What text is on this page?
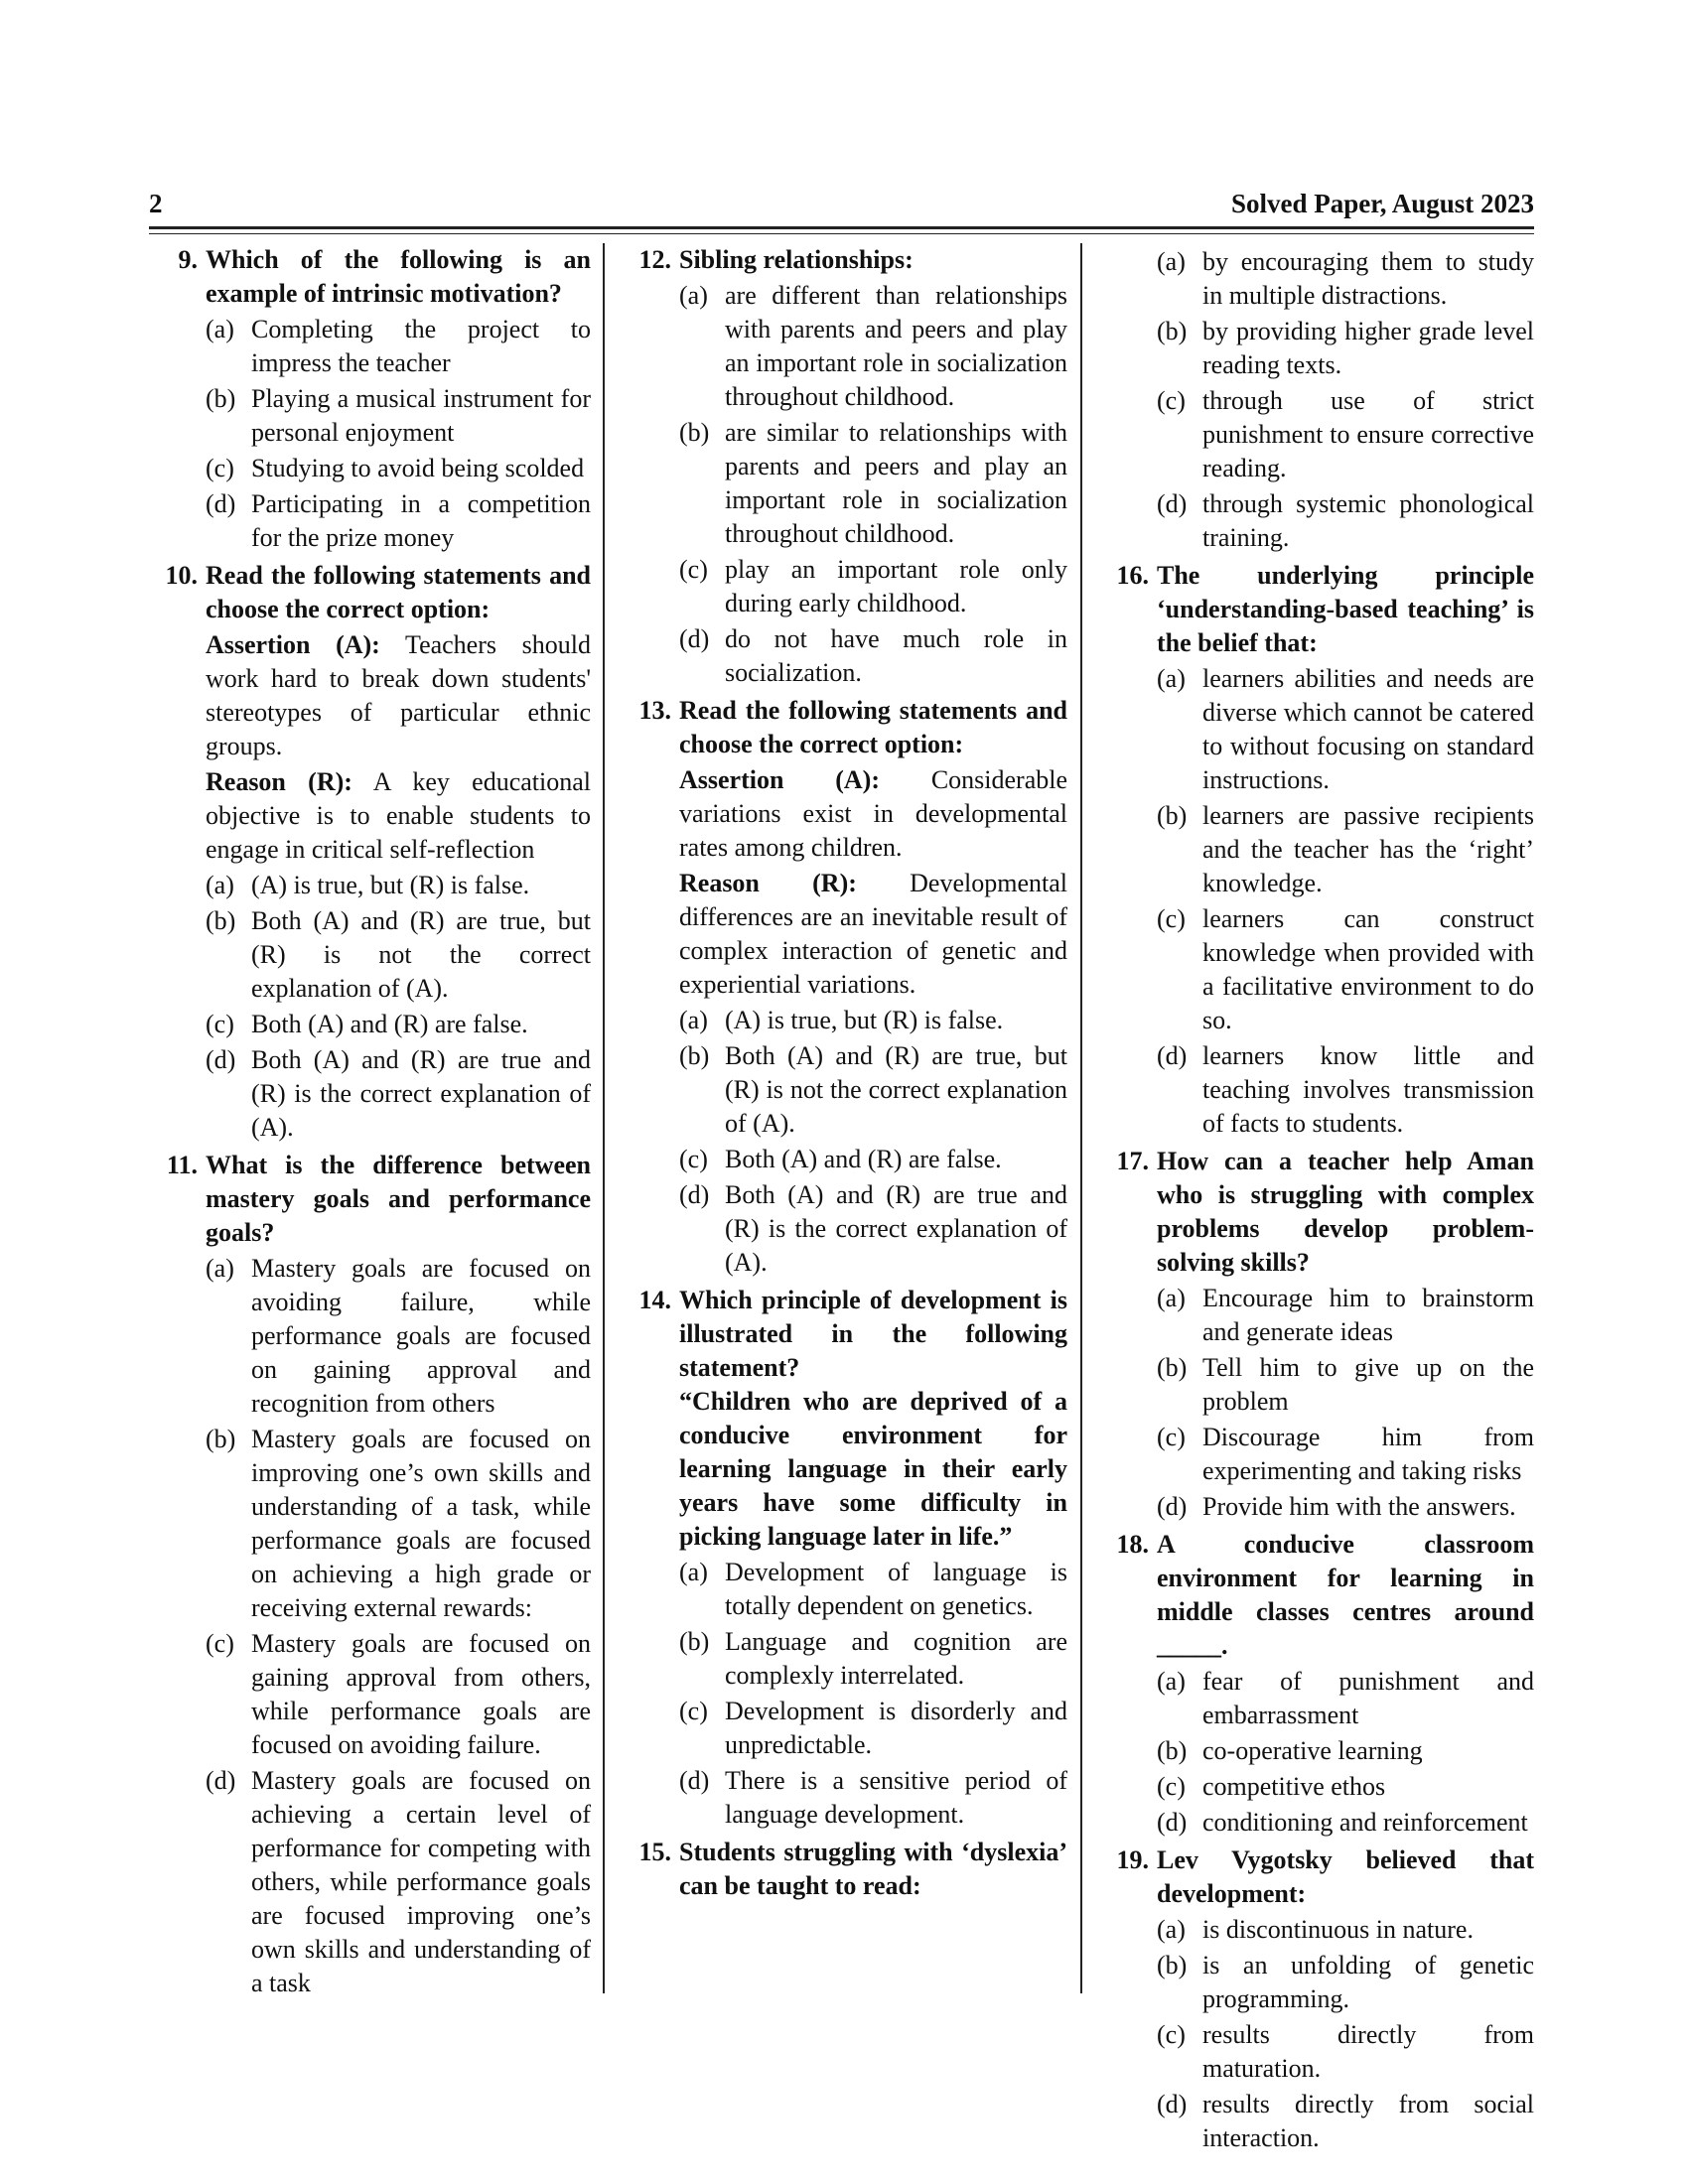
2	Solved Paper, August 2023
9. Which of the following is an example of intrinsic motivation?
(a) Completing the project to impress the teacher
(b) Playing a musical instrument for personal enjoyment
(c) Studying to avoid being scolded
(d) Participating in a competition for the prize money
10. Read the following statements and choose the correct option:
Assertion (A): Teachers should work hard to break down students' stereotypes of particular ethnic groups.
Reason (R): A key educational objective is to enable students to engage in critical self-reflection
(a) (A) is true, but (R) is false.
(b) Both (A) and (R) are true, but (R) is not the correct explanation of (A).
(c) Both (A) and (R) are false.
(d) Both (A) and (R) are true and (R) is the correct explanation of (A).
11. What is the difference between mastery goals and performance goals?
(a) Mastery goals are focused on avoiding failure, while performance goals are focused on gaining approval and recognition from others
(b) Mastery goals are focused on improving one’s own skills and understanding of a task, while performance goals are focused on achieving a high grade or receiving external rewards:
(c) Mastery goals are focused on gaining approval from others, while performance goals are focused on avoiding failure.
(d) Mastery goals are focused on achieving a certain level of performance for competing with others, while performance goals are focused improving one’s own skills and understanding of a task
12. Sibling relationships:
(a) are different than relationships with parents and peers and play an important role in socialization throughout childhood.
(b) are similar to relationships with parents and peers and play an important role in socialization throughout childhood.
(c) play an important role only during early childhood.
(d) do not have much role in socialization.
13. Read the following statements and choose the correct option:
Assertion (A): Considerable variations exist in developmental rates among children.
Reason (R): Developmental differences are an inevitable result of complex interaction of genetic and experiential variations.
(a) (A) is true, but (R) is false.
(b) Both (A) and (R) are true, but (R) is not the correct explanation of (A).
(c) Both (A) and (R) are false.
(d) Both (A) and (R) are true and (R) is the correct explanation of (A).
14. Which principle of development is illustrated in the following statement?
“Children who are deprived of a conducive environment for learning language in their early years have some difficulty in picking language later in life.”
(a) Development of language is totally dependent on genetics.
(b) Language and cognition are complexly interrelated.
(c) Development is disorderly and unpredictable.
(d) There is a sensitive period of language development.
15. Students struggling with ‘dyslexia’ can be taught to read:
(a) by encouraging them to study in multiple distractions.
(b) by providing higher grade level reading texts.
(c) through use of strict punishment to ensure corrective reading.
(d) through systemic phonological training.
16. The underlying principle ‘understanding-based teaching’ is the belief that:
(a) learners abilities and needs are diverse which cannot be catered to without focusing on standard instructions.
(b) learners are passive recipients and the teacher has the ‘right’ knowledge.
(c) learners can construct knowledge when provided with a facilitative environment to do so.
(d) learners know little and teaching involves transmission of facts to students.
17. How can a teacher help Aman who is struggling with complex problems develop problem-solving skills?
(a) Encourage him to brainstorm and generate ideas
(b) Tell him to give up on the problem
(c) Discourage him from experimenting and taking risks
(d) Provide him with the answers.
18. A conducive classroom environment for learning in middle classes centres around _____.
(a) fear of punishment and embarrassment
(b) co-operative learning
(c) competitive ethos
(d) conditioning and reinforcement
19. Lev Vygotsky believed that development:
(a) is discontinuous in nature.
(b) is an unfolding of genetic programming.
(c) results directly from maturation.
(d) results directly from social interaction.
